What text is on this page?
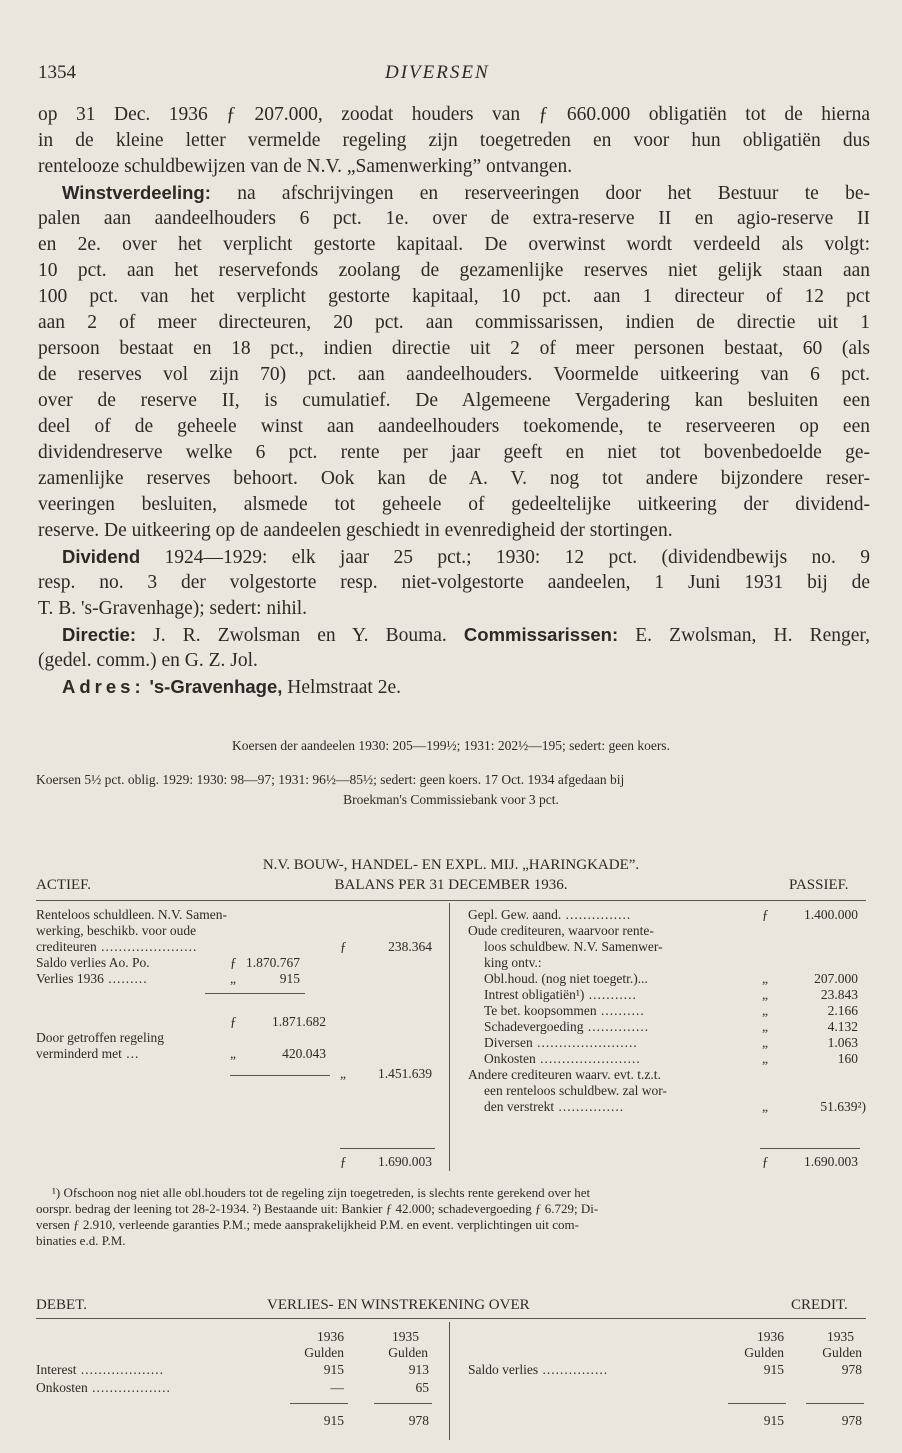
1354	DIVERSEN
op 31 Dec. 1936 ƒ 207.000, zoodat houders van ƒ 660.000 obligatiën tot de hierna
in de kleine letter vermelde regeling zijn toegetreden en voor hun obligatiën dus
rentelooze schuldbewijzen van de N.V. „Samenwerking” ontvangen.
Winstverdeeling: na afschrijvingen en reserveeringen door het Bestuur te be-
palen aan aandeelhouders 6 pct. 1e. over de extra-reserve II en agio-reserve II
en 2e. over het verplicht gestorte kapitaal. De overwinst wordt verdeeld als volgt:
10 pct. aan het reservefonds zoolang de gezamenlijke reserves niet gelijk staan aan
100 pct. van het verplicht gestorte kapitaal, 10 pct. aan 1 directeur of 12 pct
aan 2 of meer directeuren, 20 pct. aan commissarissen, indien de directie uit 1
persoon bestaat en 18 pct., indien directie uit 2 of meer personen bestaat, 60 (als
de reserves vol zijn 70) pct. aan aandeelhouders. Voormelde uitkeering van 6 pct.
over de reserve II, is cumulatief. De Algemeene Vergadering kan besluiten een
deel of de geheele winst aan aandeelhouders toekomende, te reserveeren op een
dividendreserve welke 6 pct. rente per jaar geeft en niet tot bovenbedoelde ge-
zamenlijke reserves behoort. Ook kan de A. V. nog tot andere bijzondere reser-
veeringen besluiten, alsmede tot geheele of gedeeltelijke uitkeering der dividend-
reserve. De uitkeering op de aandeelen geschiedt in evenredigheid der stortingen.
Dividend 1924—1929: elk jaar 25 pct.; 1930: 12 pct. (dividendbewijs no. 9
resp. no. 3 der volgestorte resp. niet-volgestorte aandeelen, 1 Juni 1931 bij de
T. B. 's-Gravenhage); sedert: nihil.
Directie: J. R. Zwolsman en Y. Bouma. Commissarissen: E. Zwolsman, H. Renger,
(gedel. comm.) en G. Z. Jol.
Adres: 's-Gravenhage, Helmstraat 2e.
Koersen der aandeelen 1930: 205—199½; 1931: 202½—195; sedert: geen koers.
Koersen 5½ pct. oblig. 1929: 1930: 98—97; 1931: 96½—85½; sedert: geen koers. 17 Oct. 1934 afgedaan bij
Broekman's Commissiebank voor 3 pct.
N.V. BOUW-, HANDEL- EN EXPL. MIJ. „HARINGKADE”.
ACTIEF.	BALANS PER 31 DECEMBER 1936.	PASSIEF.
Renteloos schuldleen. N.V. Samen-
werking, beschikb. voor oude
crediteuren ......................	ƒ	238.364
Saldo verlies Ao. Po.	ƒ 1.870.767
Verlies 1936 .........	„	915
ƒ	1.871.682
Door getroffen regeling
verminderd met ...	„	420.043
„	1.451.639
ƒ	1.690.003
Gepl. Gew. aand. ...............	ƒ	1.400.000
Oude crediteuren, waarvoor rente-
loos schuldbew. N.V. Samenwer-
king ontv.:
Obl.houd. (nog niet toegetr.)...	„	207.000
Intrest obligatiën¹) ...........	„	23.843
Te bet. koopsommen ..........	„	2.166
Schadevergoeding ..............	„	4.132
Diversen .......................	„	1.063
Onkosten .......................	„	160
Andere crediteuren waarv. evt. t.z.t.
een renteloos schuldbew. zal wor-
den verstrekt ...............	„	51.639²)
ƒ	1.690.003
¹) Ofschoon nog niet alle obl.houders tot de regeling zijn toegetreden, is slechts rente gerekend over het
oorspr. bedrag der leening tot 28-2-1934. ²) Bestaande uit: Bankier ƒ 42.000; schadevergoeding ƒ 6.729; Di-
versen ƒ 2.910, verleende garanties P.M.; mede aansprakelijkheid P.M. en event. verplichtingen uit com-
binaties e.d. P.M.
DEBET.	VERLIES- EN WINSTREKENING OVER	CREDIT.
1936	1935
Gulden	Gulden
Interest ...................	915	913
Onkosten ..................	—	65
915	978
1936	1935
Gulden	Gulden
Saldo verlies ...............	915	978
915	978
